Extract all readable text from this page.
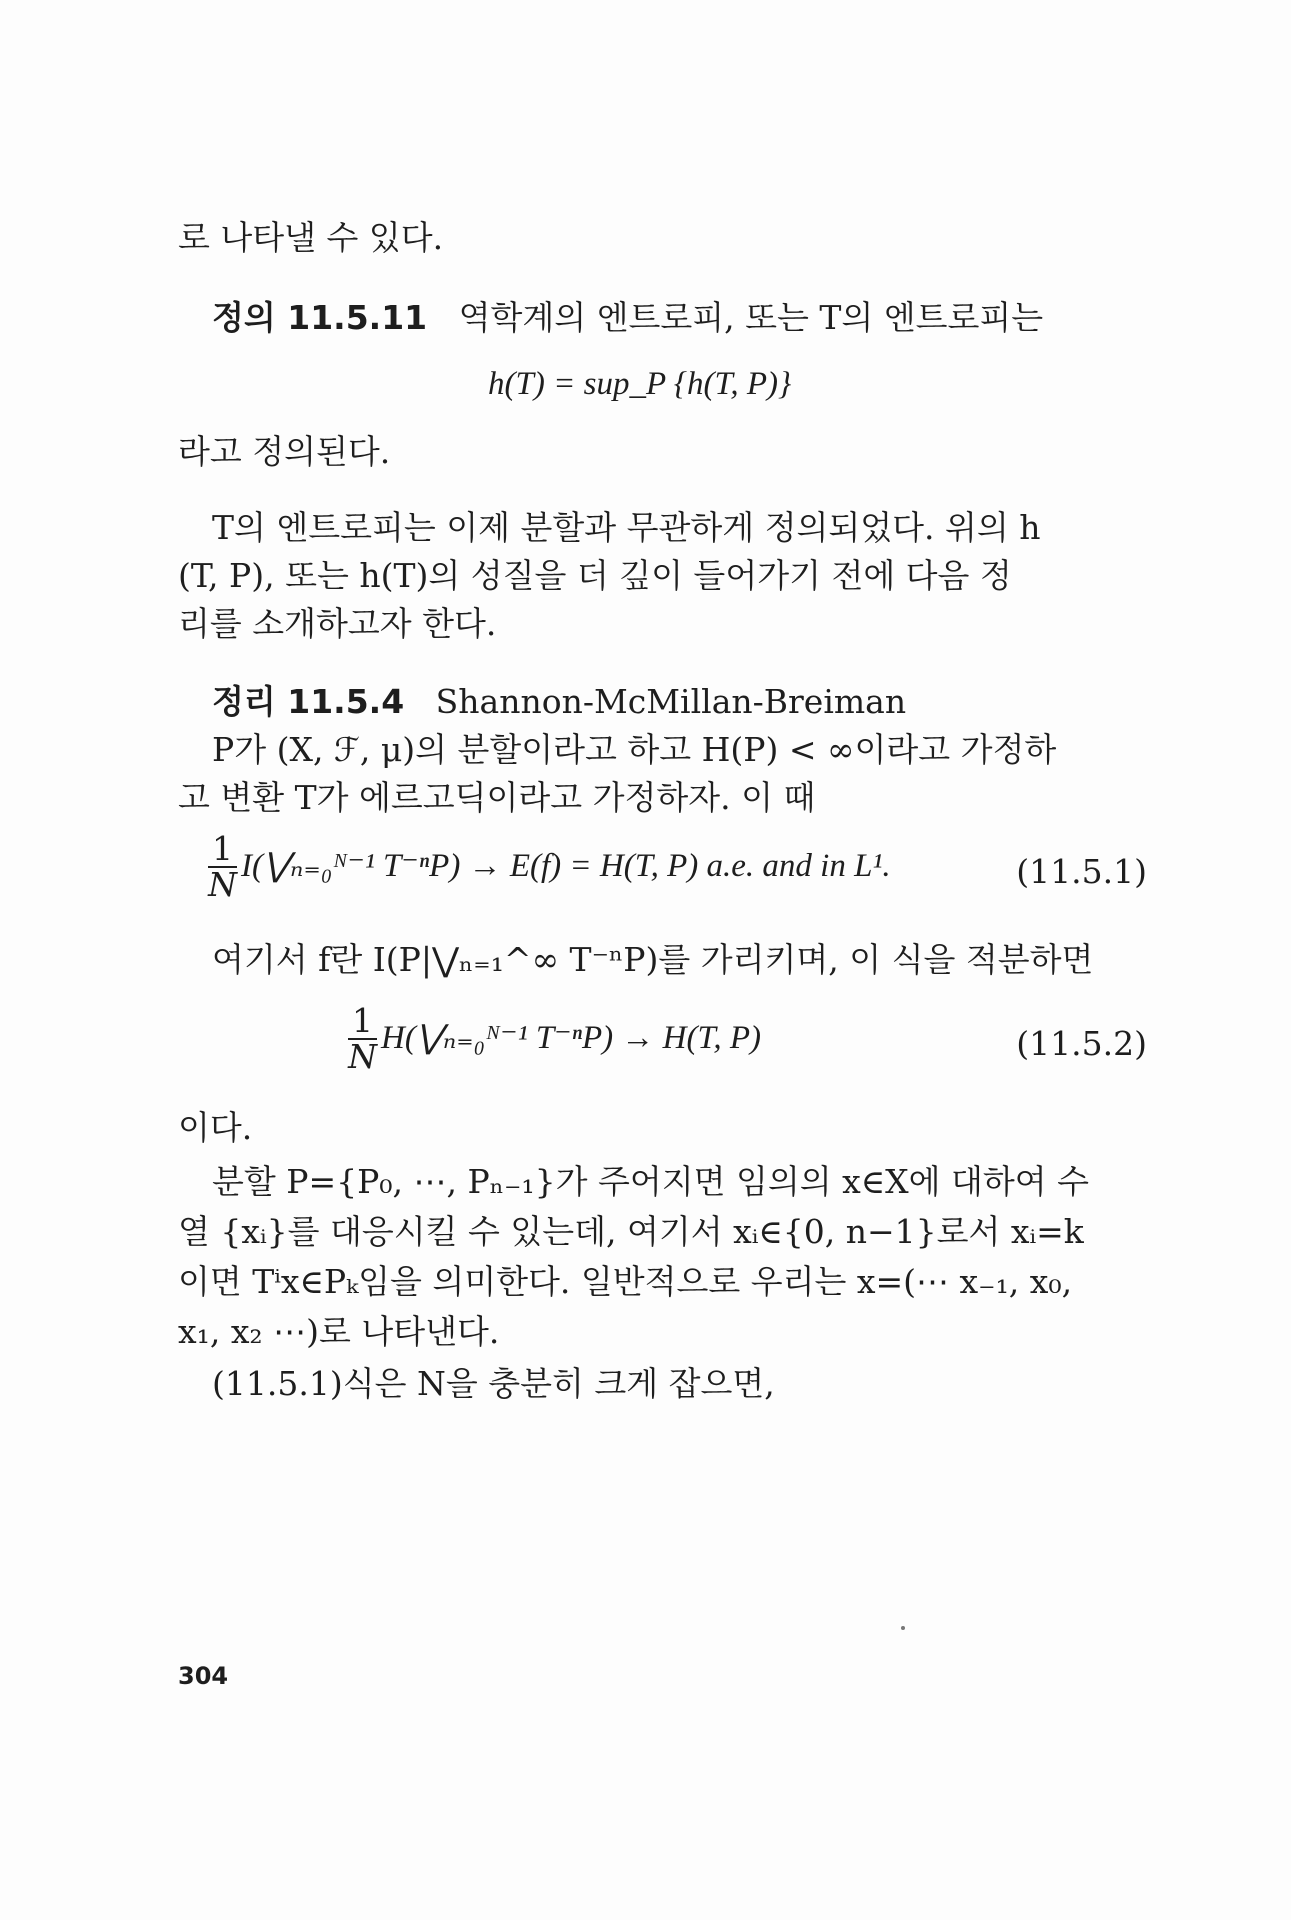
로 나타낼 수 있다.
정의 11.5.11 역학계의 엔트로피, 또는 T의 엔트로피는
h(T) = sup_P {h(T, P)}
라고 정의된다.
T의 엔트로피는 이제 분할과 무관하게 정의되었다. 위의 h
(T, P), 또는 h(T)의 성질을 더 깊이 들어가기 전에 다음 정
리를 소개하고자 한다.
정리 11.5.4 Shannon-McMillan-Breiman
P가 (X, ℱ, μ)의 분할이라고 하고 H(P) < ∞이라고 가정하
고 변환 T가 에르고딕이라고 가정하자. 이 때
$\frac{1}{N}$ I(⋁ₙ₌₀ᴺ⁻¹ T⁻ⁿP) → E(f) = H(T, P) a.e. and in L¹.	(11.5.1)
여기서 f란 I(P|⋁ₙ₌₁^∞ T⁻ⁿP)를 가리키며, 이 식을 적분하면
$\frac{1}{N}$ H(⋁ₙ₌₀ᴺ⁻¹ T⁻ⁿP) → H(T, P)	(11.5.2)
이다.
분할 P={P₀, ⋯, Pₙ₋₁}가 주어지면 임의의 x∈X에 대하여 수
열 {xᵢ}를 대응시킬 수 있는데, 여기서 xᵢ∈{0, n−1}로서 xᵢ=k
이면 Tⁱx∈Pₖ임을 의미한다. 일반적으로 우리는 x=(⋯ x₋₁, x₀,
x₁, x₂ ⋯)로 나타낸다.
(11.5.1)식은 N을 충분히 크게 잡으면,
304
